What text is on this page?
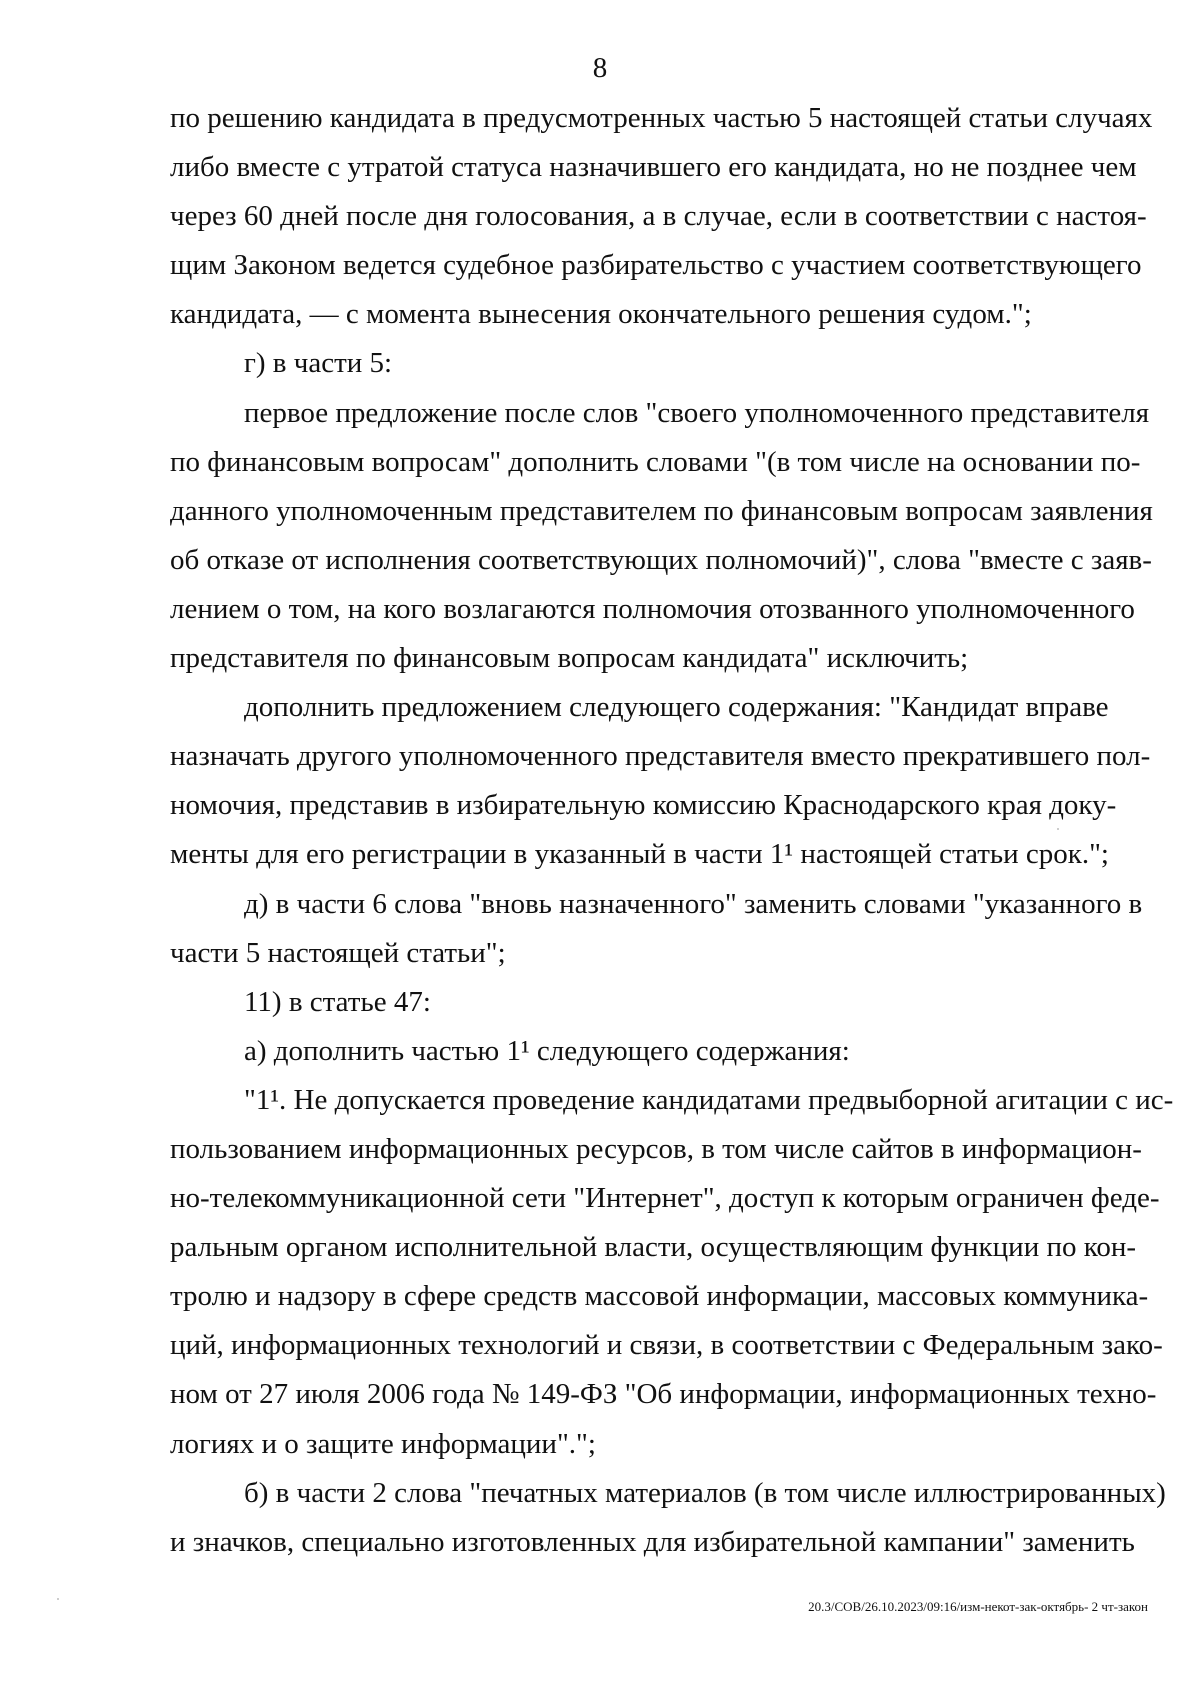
8
по решению кандидата в предусмотренных частью 5 настоящей статьи случаях
либо вместе с утратой статуса назначившего его кандидата, но не позднее чем
через 60 дней после дня голосования, а в случае, если в соответствии с настоя-
щим Законом ведется судебное разбирательство с участием соответствующего
кандидата, — с момента вынесения окончательного решения судом.";
г) в части 5:
первое предложение после слов "своего уполномоченного представителя
по финансовым вопросам" дополнить словами "(в том числе на основании по-
данного уполномоченным представителем по финансовым вопросам заявления
об отказе от исполнения соответствующих полномочий)", слова "вместе с заяв-
лением о том, на кого возлагаются полномочия отозванного уполномоченного
представителя по финансовым вопросам кандидата" исключить;
дополнить предложением следующего содержания: "Кандидат вправе
назначать другого уполномоченного представителя вместо прекратившего пол-
номочия, представив в избирательную комиссию Краснодарского края доку-
менты для его регистрации в указанный в части 1¹ настоящей статьи срок.";
д) в части 6 слова "вновь назначенного" заменить словами "указанного в
части 5 настоящей статьи";
11) в статье 47:
а) дополнить частью 1¹ следующего содержания:
"1¹. Не допускается проведение кандидатами предвыборной агитации с ис-
пользованием информационных ресурсов, в том числе сайтов в информацион-
но-телекоммуникационной сети "Интернет", доступ к которым ограничен феде-
ральным органом исполнительной власти, осуществляющим функции по кон-
тролю и надзору в сфере средств массовой информации, массовых коммуника-
ций, информационных технологий и связи, в соответствии с Федеральным зако-
ном от 27 июля 2006 года № 149-ФЗ "Об информации, информационных техно-
логиях и о защите информации".";
б) в части 2 слова "печатных материалов (в том числе иллюстрированных)
и значков, специально изготовленных для избирательной кампании" заменить
20.3/СОВ/26.10.2023/09:16/изм-некот-зак-октябрь- 2 чт-закон
